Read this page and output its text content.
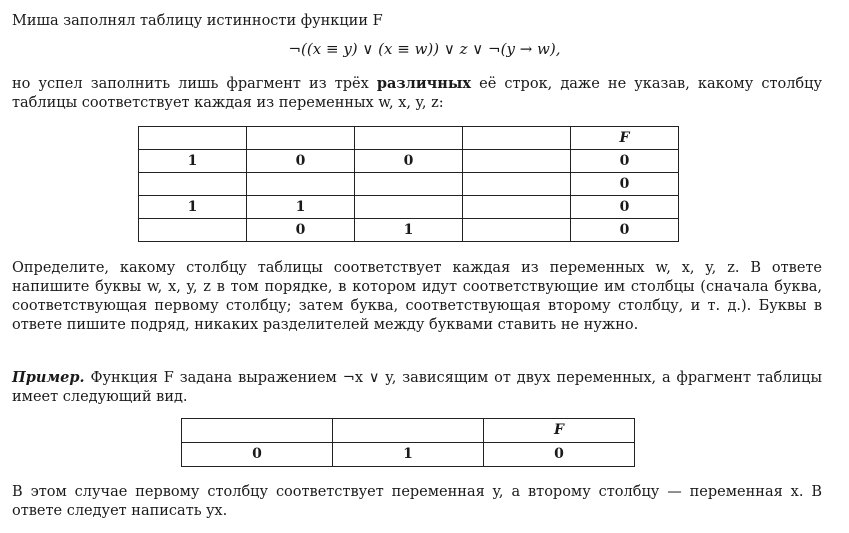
Миша заполнял таблицу истинности функции F

¬((x ≡ y) ∨ (x ≡ w)) ∨ z ∨ ¬(y → w),

но успел заполнить лишь фрагмент из трёх различных её строк, даже не указав, какому столбцу таблицы соответствует каждая из переменных w, x, y, z:

				F
1	0	0		0
				0
1	1			0
	0	1		0

Определите, какому столбцу таблицы соответствует каждая из переменных w, x, y, z. В ответе напишите буквы w, x, y, z в том порядке, в котором идут соответствующие им столбцы (сначала буква, соответствующая первому столбцу; затем буква, соответствующая второму столбцу, и т. д.). Буквы в ответе пишите подряд, никаких разделителей между буквами ставить не нужно.

Пример. Функция F задана выражением ¬x ∨ y, зависящим от двух переменных, а фрагмент таблицы имеет следующий вид.

		F
0	1	0

В этом случае первому столбцу соответствует переменная y, а второму столбцу — переменная x. В ответе следует написать yx.
